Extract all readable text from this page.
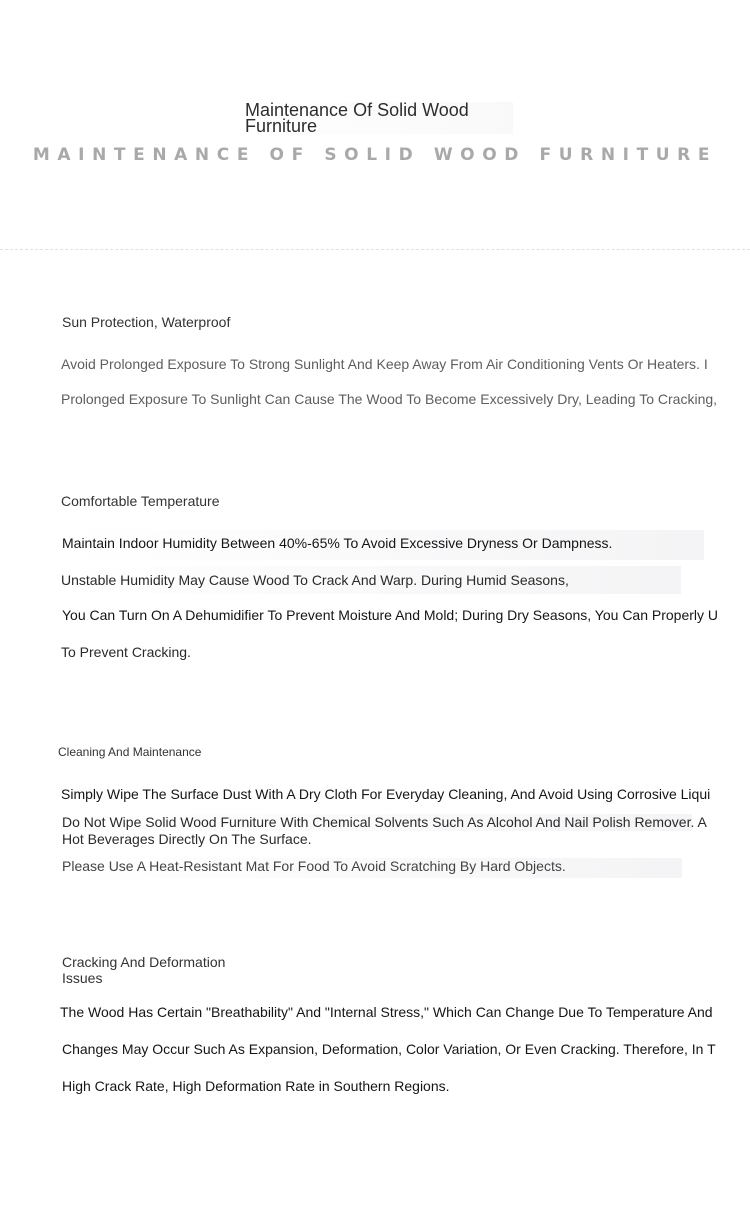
Maintenance Of Solid Wood Furniture
MAINTENANCE OF SOLID WOOD FURNITURE
Sun Protection, Waterproof
Avoid Prolonged Exposure To Strong Sunlight And Keep Away From Air Conditioning Vents Or Heaters. I
Prolonged Exposure To Sunlight Can Cause The Wood To Become Excessively Dry, Leading To Cracking,
Comfortable Temperature
Maintain Indoor Humidity Between 40%-65% To Avoid Excessive Dryness Or Dampness.
Unstable Humidity May Cause Wood To Crack And Warp. During Humid Seasons,
You Can Turn On A Dehumidifier To Prevent Moisture And Mold; During Dry Seasons, You Can Properly U
To Prevent Cracking.
Cleaning And Maintenance
Simply Wipe The Surface Dust With A Dry Cloth For Everyday Cleaning, And Avoid Using Corrosive Liqui
Do Not Wipe Solid Wood Furniture With Chemical Solvents Such As Alcohol And Nail Polish Remover. A
Hot Beverages Directly On The Surface.
Please Use A Heat-Resistant Mat For Food To Avoid Scratching By Hard Objects.
Cracking And Deformation
Issues
The Wood Has Certain "Breathability" And "Internal Stress," Which Can Change Due To Temperature And
Changes May Occur Such As Expansion, Deformation, Color Variation, Or Even Cracking. Therefore, In T
High Crack Rate, High Deformation Rate in Southern Regions.
